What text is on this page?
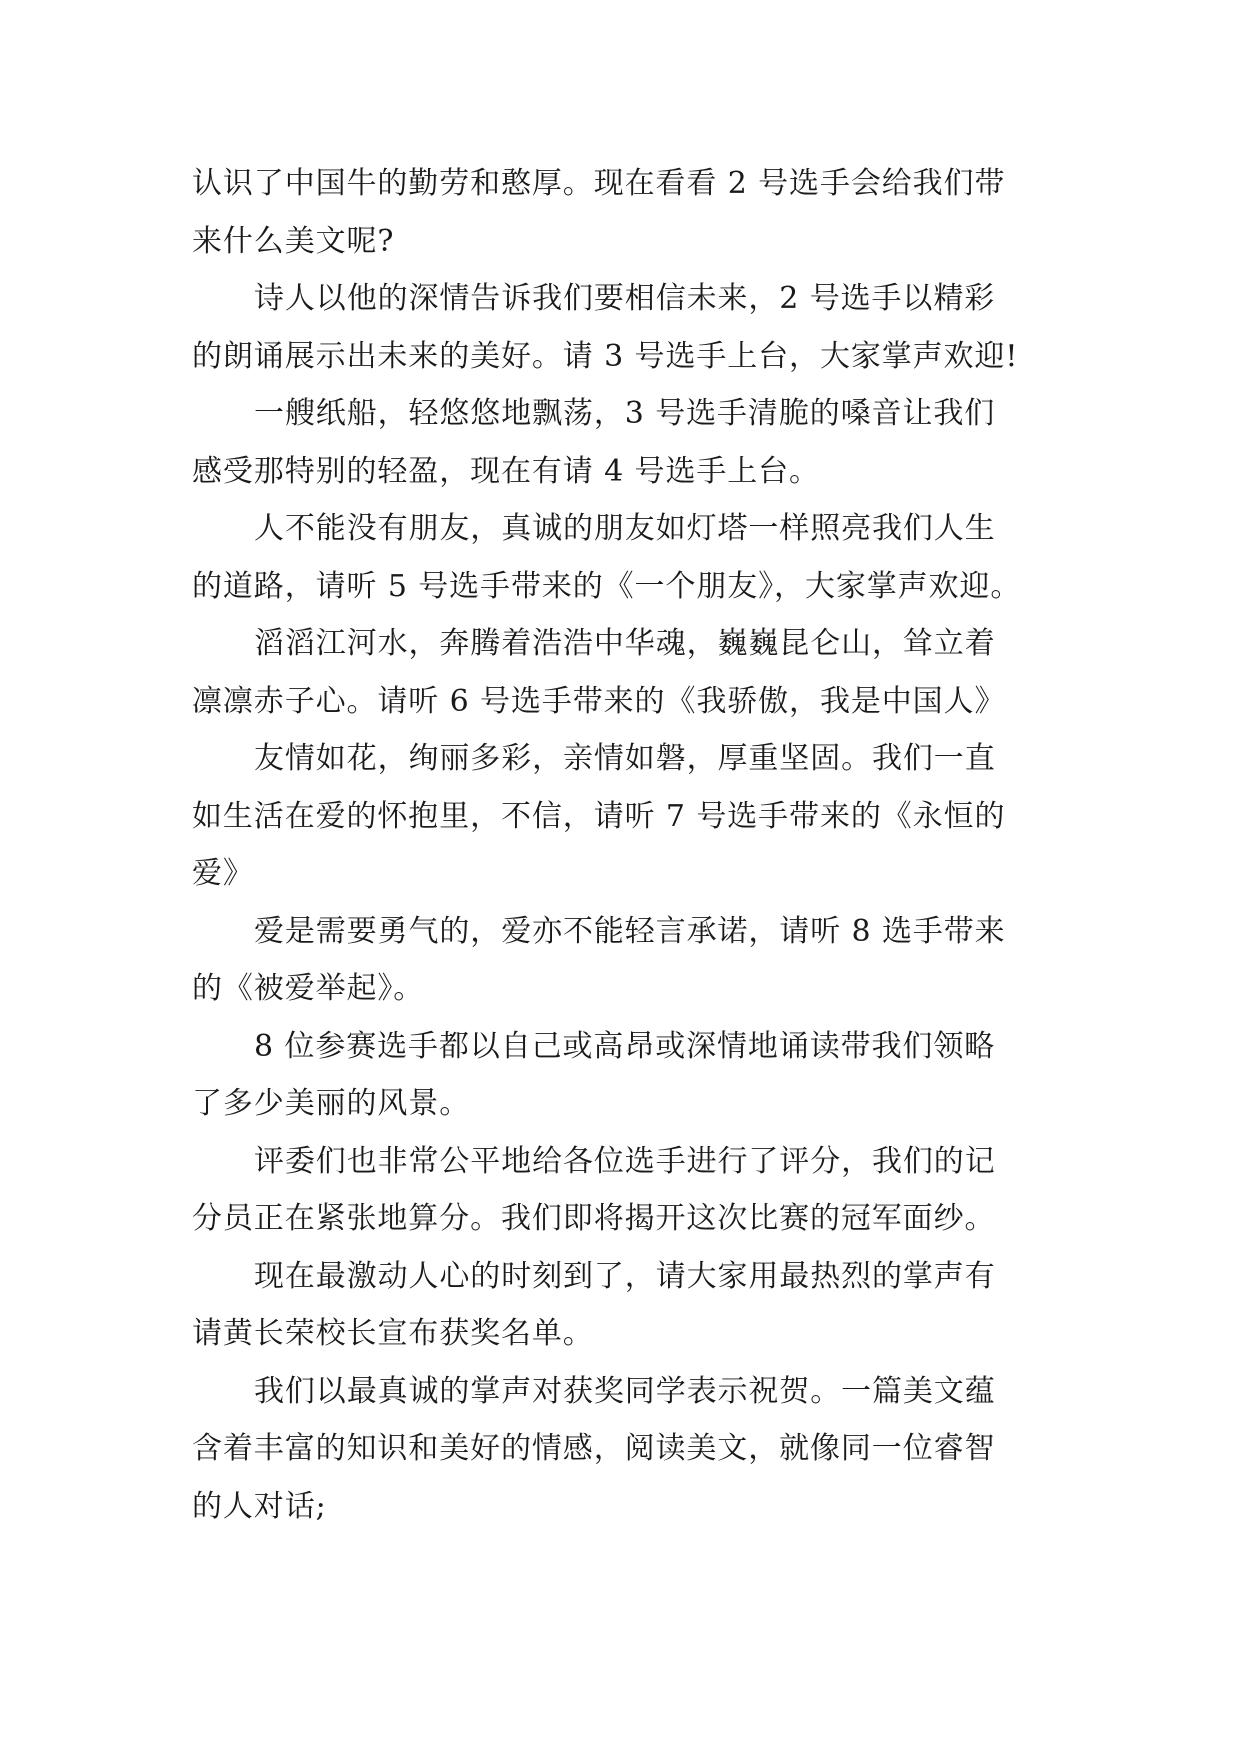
认识了中国牛的勤劳和憨厚。现在看看 2 号选手会给我们带
来什么美文呢?
诗人以他的深情告诉我们要相信未来，2 号选手以精彩
的朗诵展示出未来的美好。请 3 号选手上台，大家掌声欢迎!
一艘纸船，轻悠悠地飘荡，3 号选手清脆的嗓音让我们
感受那特别的轻盈，现在有请 4 号选手上台。
人不能没有朋友，真诚的朋友如灯塔一样照亮我们人生
的道路，请听 5 号选手带来的《一个朋友》，大家掌声欢迎。
滔滔江河水，奔腾着浩浩中华魂，巍巍昆仑山，耸立着
凛凛赤子心。请听 6 号选手带来的《我骄傲，我是中国人》
友情如花，绚丽多彩，亲情如磐，厚重坚固。我们一直
如生活在爱的怀抱里，不信，请听 7 号选手带来的《永恒的
爱》
爱是需要勇气的，爱亦不能轻言承诺，请听 8 选手带来
的《被爱举起》。
8 位参赛选手都以自己或高昂或深情地诵读带我们领略
了多少美丽的风景。
评委们也非常公平地给各位选手进行了评分，我们的记
分员正在紧张地算分。我们即将揭开这次比赛的冠军面纱。
现在最激动人心的时刻到了，请大家用最热烈的掌声有
请黄长荣校长宣布获奖名单。
我们以最真诚的掌声对获奖同学表示祝贺。一篇美文蕴
含着丰富的知识和美好的情感，阅读美文，就像同一位睿智
的人对话;
